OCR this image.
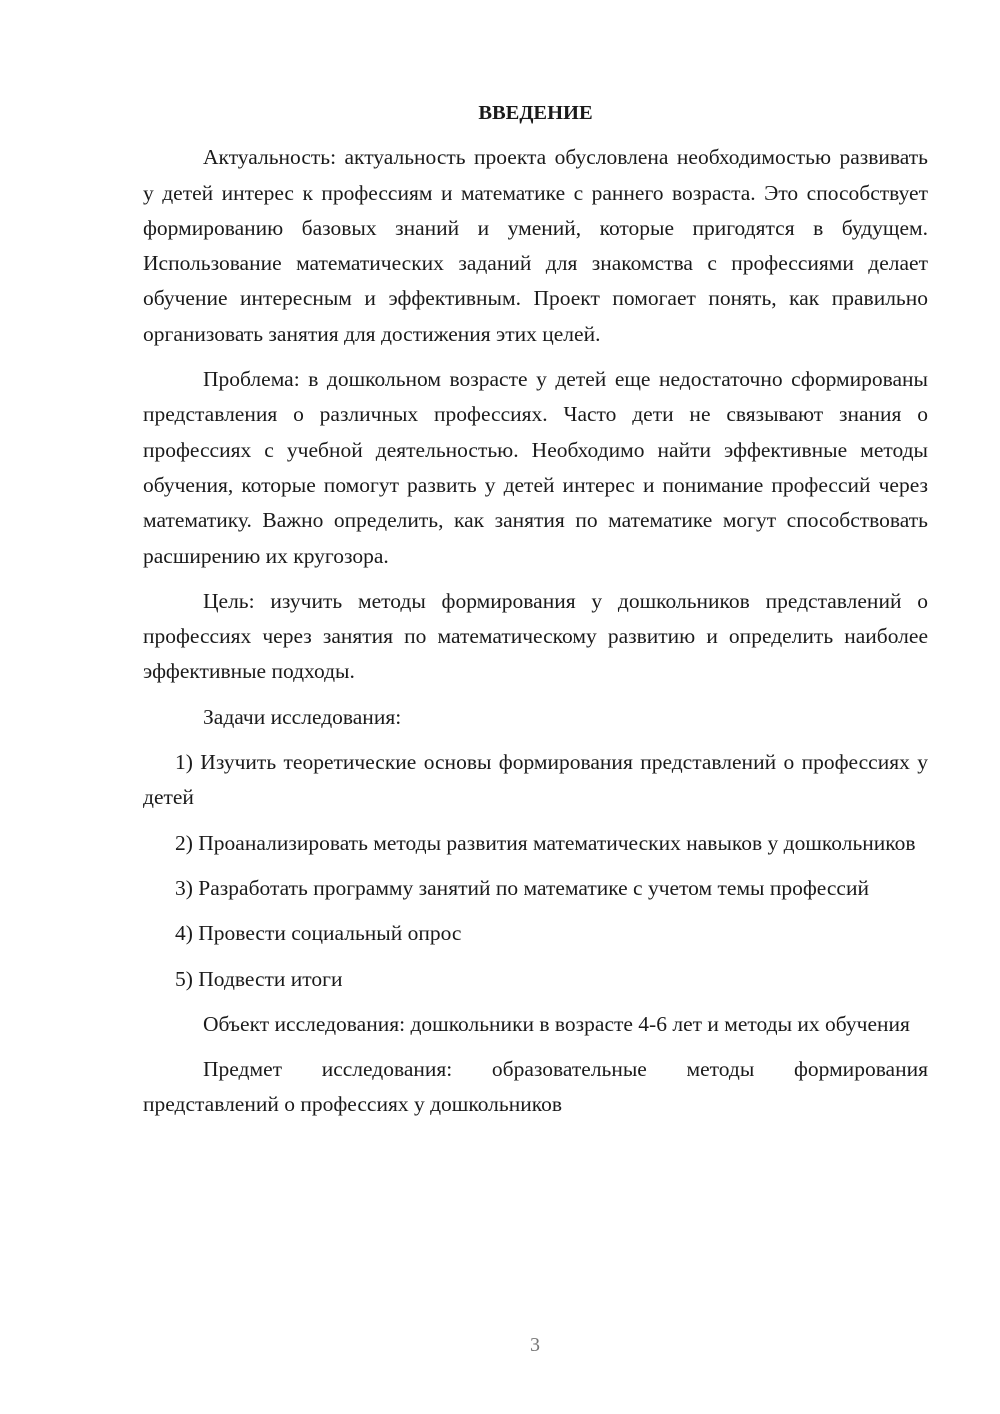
ВВЕДЕНИЕ
Актуальность: актуальность проекта обусловлена необходимостью развивать у детей интерес к профессиям и математике с раннего возраста. Это способствует формированию базовых знаний и умений, которые пригодятся в будущем. Использование математических заданий для знакомства с профессиями делает обучение интересным и эффективным. Проект помогает понять, как правильно организовать занятия для достижения этих целей.
Проблема: в дошкольном возрасте у детей еще недостаточно сформированы представления о различных профессиях. Часто дети не связывают знания о профессиях с учебной деятельностью. Необходимо найти эффективные методы обучения, которые помогут развить у детей интерес и понимание профессий через математику. Важно определить, как занятия по математике могут способствовать расширению их кругозора.
Цель: изучить методы формирования у дошкольников представлений о профессиях через занятия по математическому развитию и определить наиболее эффективные подходы.
Задачи исследования:
1) Изучить теоретические основы формирования представлений о профессиях у детей
2) Проанализировать методы развития математических навыков у дошкольников
3) Разработать программу занятий по математике с учетом темы профессий
4) Провести социальный опрос
5) Подвести итоги
Объект исследования: дошкольники в возрасте 4-6 лет и методы их обучения
Предмет исследования: образовательные методы формирования представлений о профессиях у дошкольников
3
